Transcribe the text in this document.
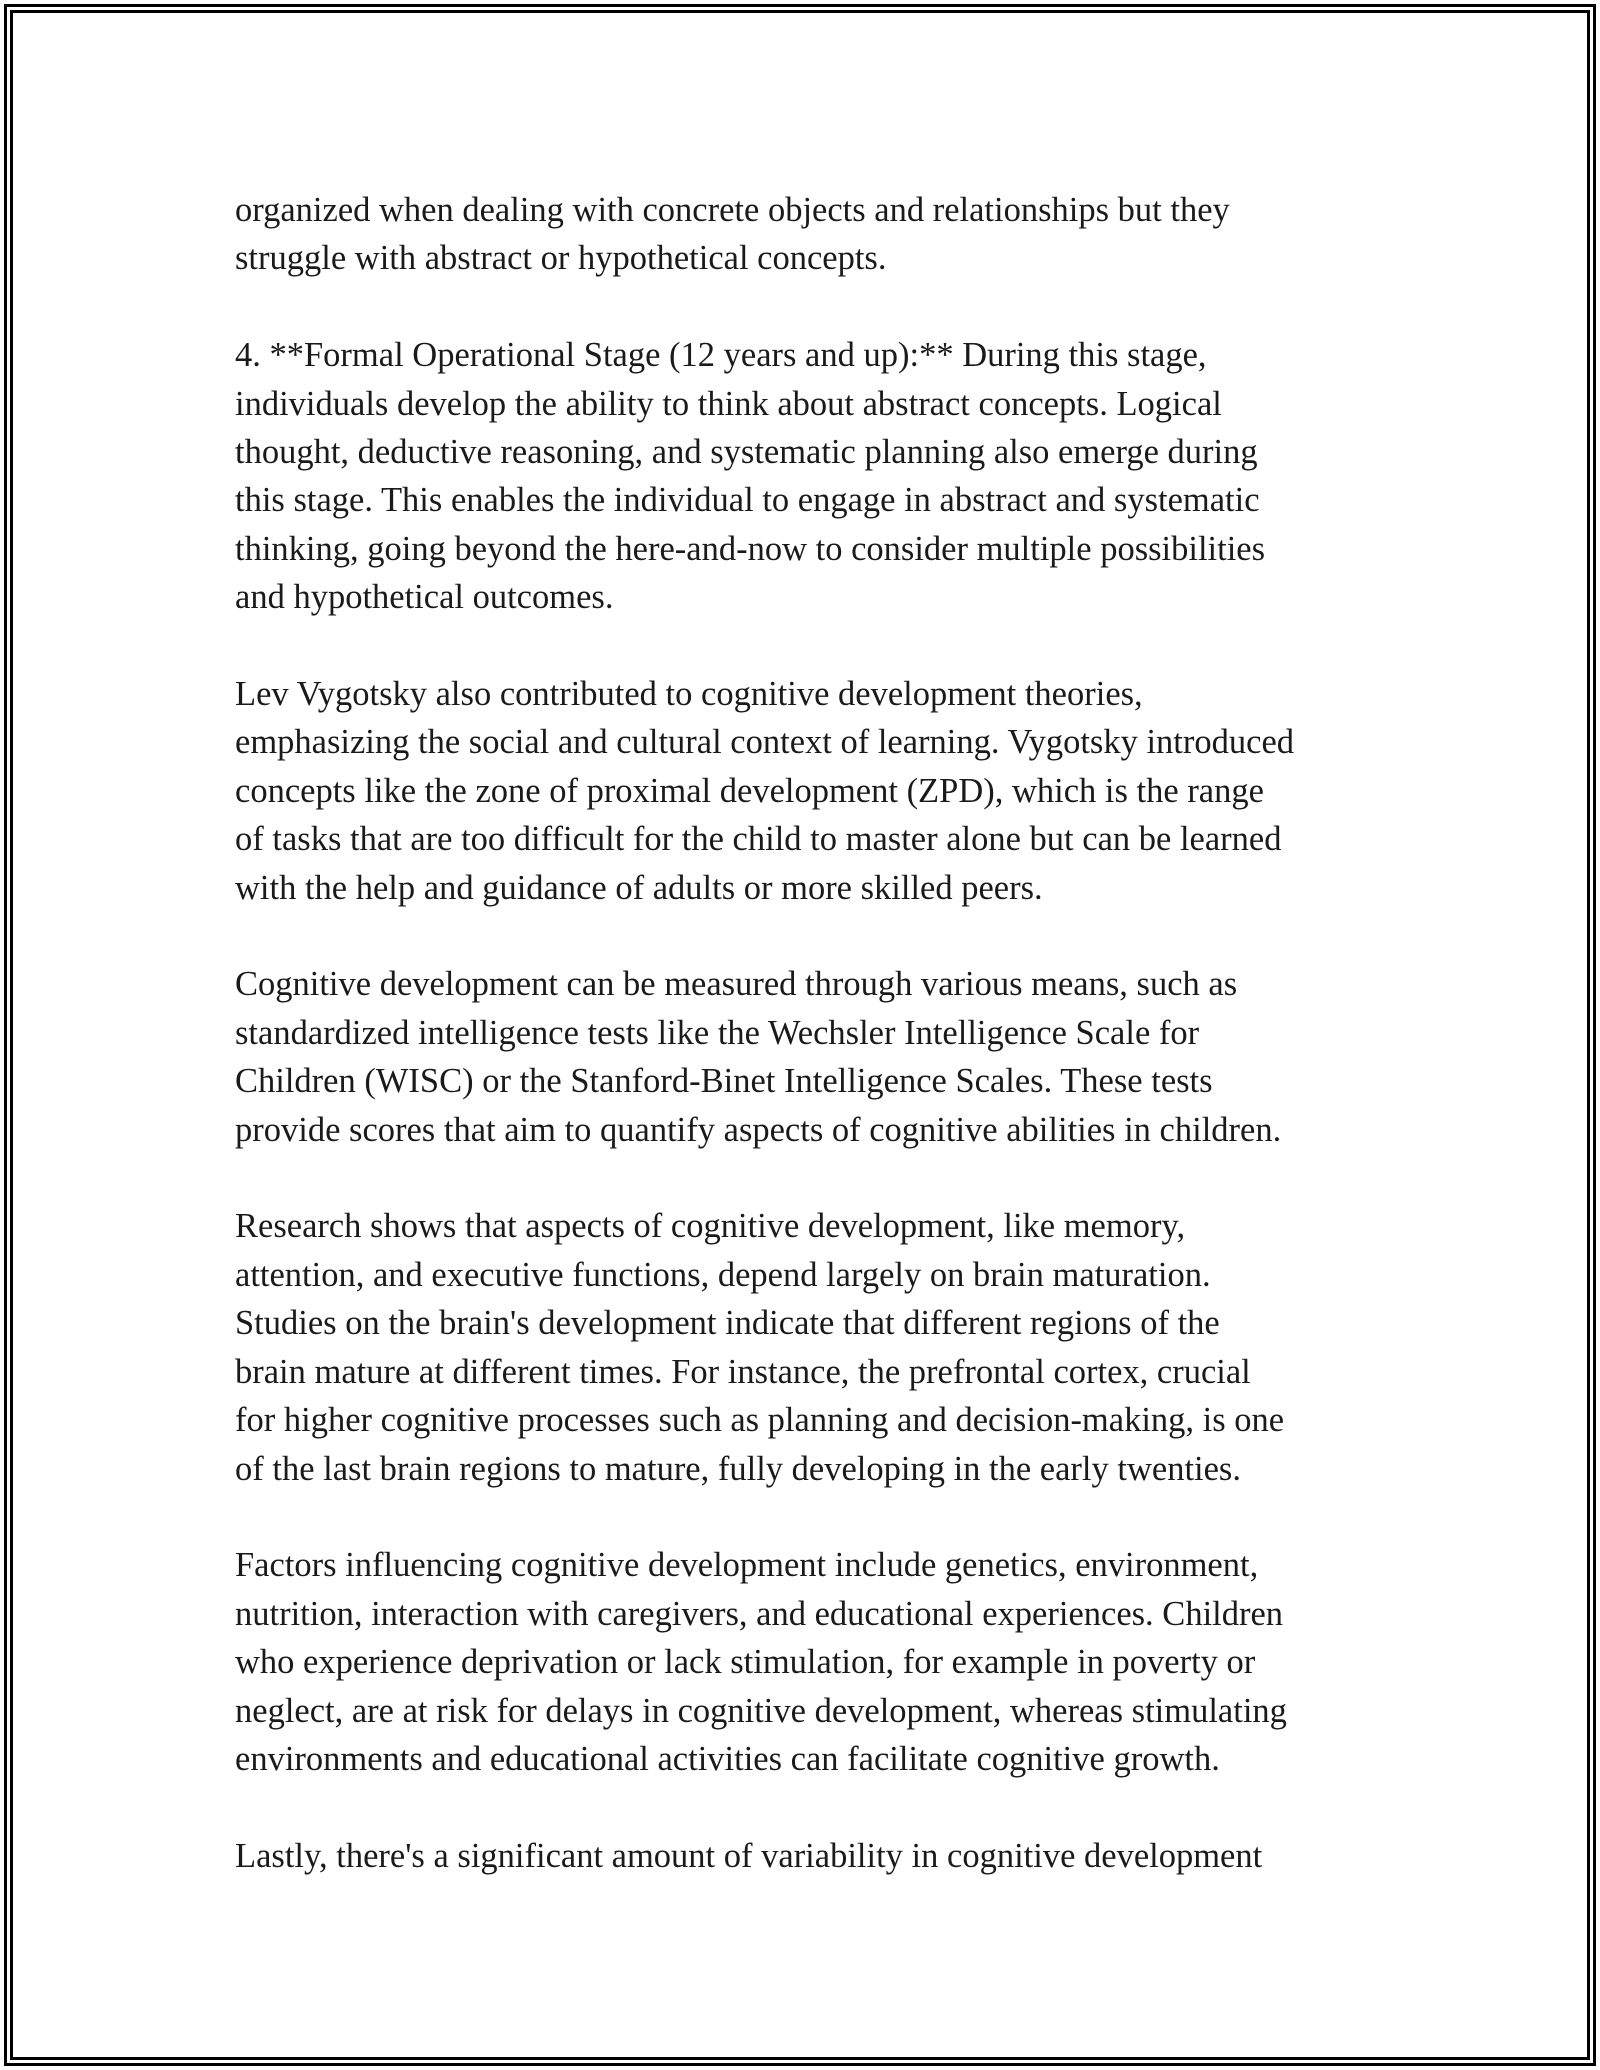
organized when dealing with concrete objects and relationships but they
struggle with abstract or hypothetical concepts.

4. **Formal Operational Stage (12 years and up):** During this stage,
individuals develop the ability to think about abstract concepts. Logical
thought, deductive reasoning, and systematic planning also emerge during
this stage. This enables the individual to engage in abstract and systematic
thinking, going beyond the here-and-now to consider multiple possibilities
and hypothetical outcomes.

Lev Vygotsky also contributed to cognitive development theories,
emphasizing the social and cultural context of learning. Vygotsky introduced
concepts like the zone of proximal development (ZPD), which is the range
of tasks that are too difficult for the child to master alone but can be learned
with the help and guidance of adults or more skilled peers.

Cognitive development can be measured through various means, such as
standardized intelligence tests like the Wechsler Intelligence Scale for
Children (WISC) or the Stanford-Binet Intelligence Scales. These tests
provide scores that aim to quantify aspects of cognitive abilities in children.

Research shows that aspects of cognitive development, like memory,
attention, and executive functions, depend largely on brain maturation.
Studies on the brain's development indicate that different regions of the
brain mature at different times. For instance, the prefrontal cortex, crucial
for higher cognitive processes such as planning and decision-making, is one
of the last brain regions to mature, fully developing in the early twenties.

Factors influencing cognitive development include genetics, environment,
nutrition, interaction with caregivers, and educational experiences. Children
who experience deprivation or lack stimulation, for example in poverty or
neglect, are at risk for delays in cognitive development, whereas stimulating
environments and educational activities can facilitate cognitive growth.

Lastly, there's a significant amount of variability in cognitive development
